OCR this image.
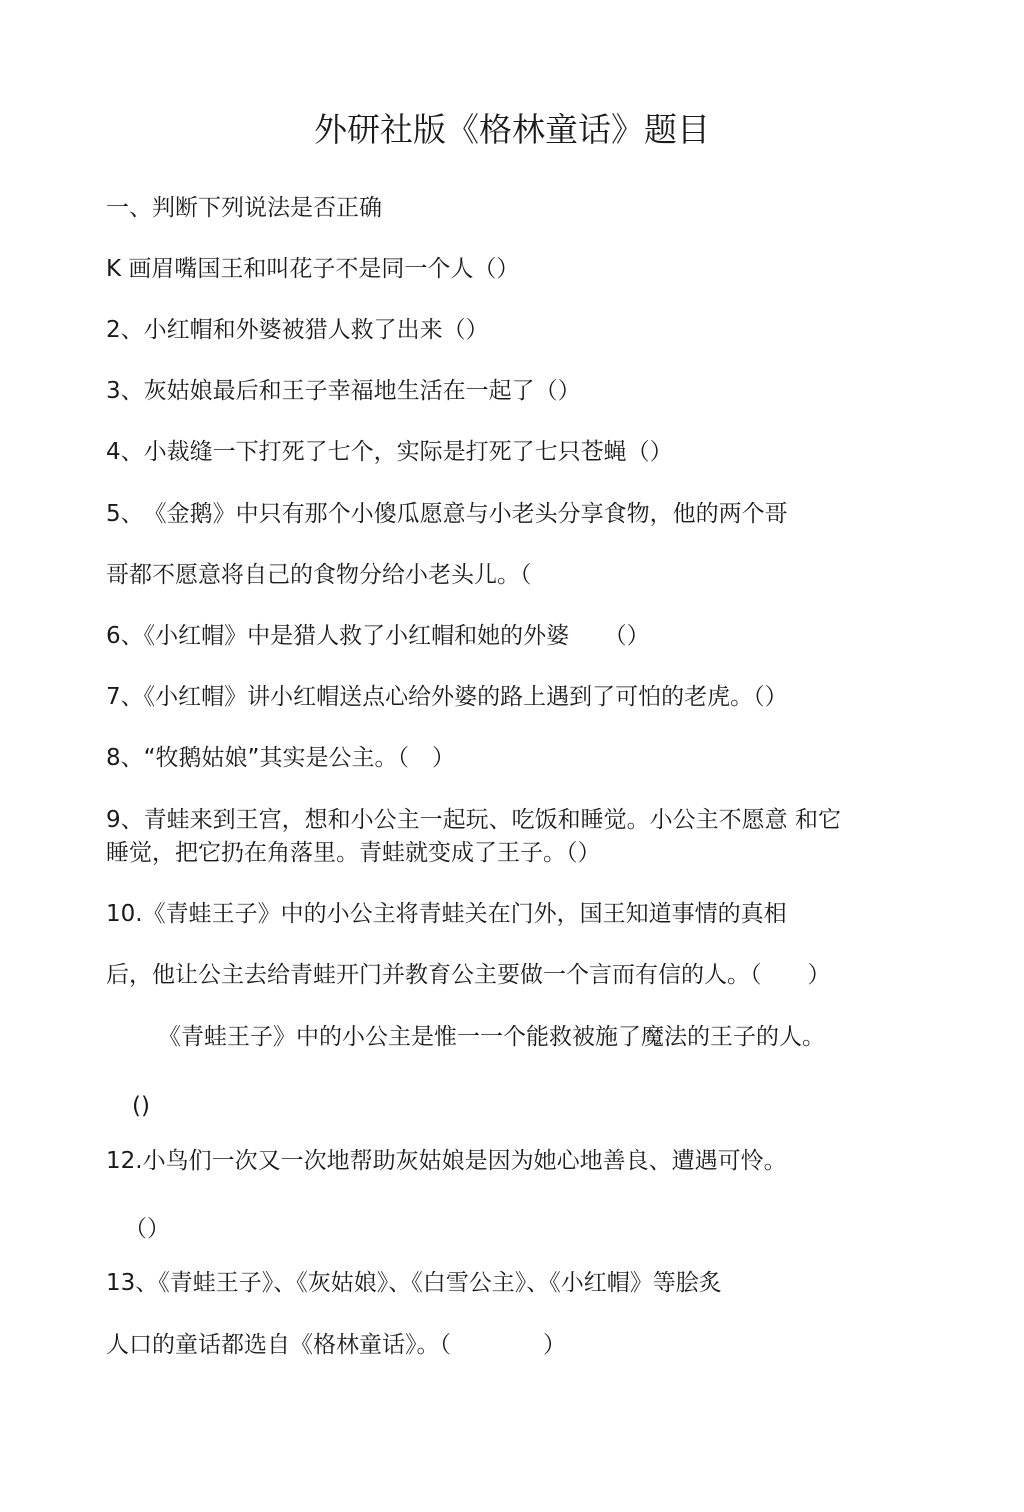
外研社版《格林童话》题目
一、判断下列说法是否正确
K 画眉嘴国王和叫花子不是同一个人（）
2、小红帽和外婆被猎人救了出来（）
3、灰姑娘最后和王子幸福地生活在一起了（）
4、小裁缝一下打死了七个，实际是打死了七只苍蝇（）
5、　《金鹅》中只有那个小傻瓜愿意与小老头分享食物，他的两个哥
哥都不愿意将自己的食物分给小老头儿。（
6、《小红帽》中是猎人救了小红帽和她的外婆　　（）
7、《小红帽》讲小红帽送点心给外婆的路上遇到了可怕的老虎。（）
8、“牧鹅姑娘”其实是公主。（　）
9、青蛙来到王宫，想和小公主一起玩、吃饭和睡觉。小公主不愿意 和它
睡觉，把它扔在角落里。青蛙就变成了王子。（）
10.《青蛙王子》中的小公主将青蛙关在门外，国王知道事情的真相
后，他让公主去给青蛙开门并教育公主要做一个言而有信的人。（　　）
《青蛙王子》中的小公主是惟一一个能救被施了魔法的王子的人。
()
12.小鸟们一次又一次地帮助灰姑娘是因为她心地善良、遭遇可怜。
（）
13、《青蛙王子》、《灰姑娘》、《白雪公主》、《小红帽》等脍炙
人口的童话都选自《格林童话》。（　　　　）
